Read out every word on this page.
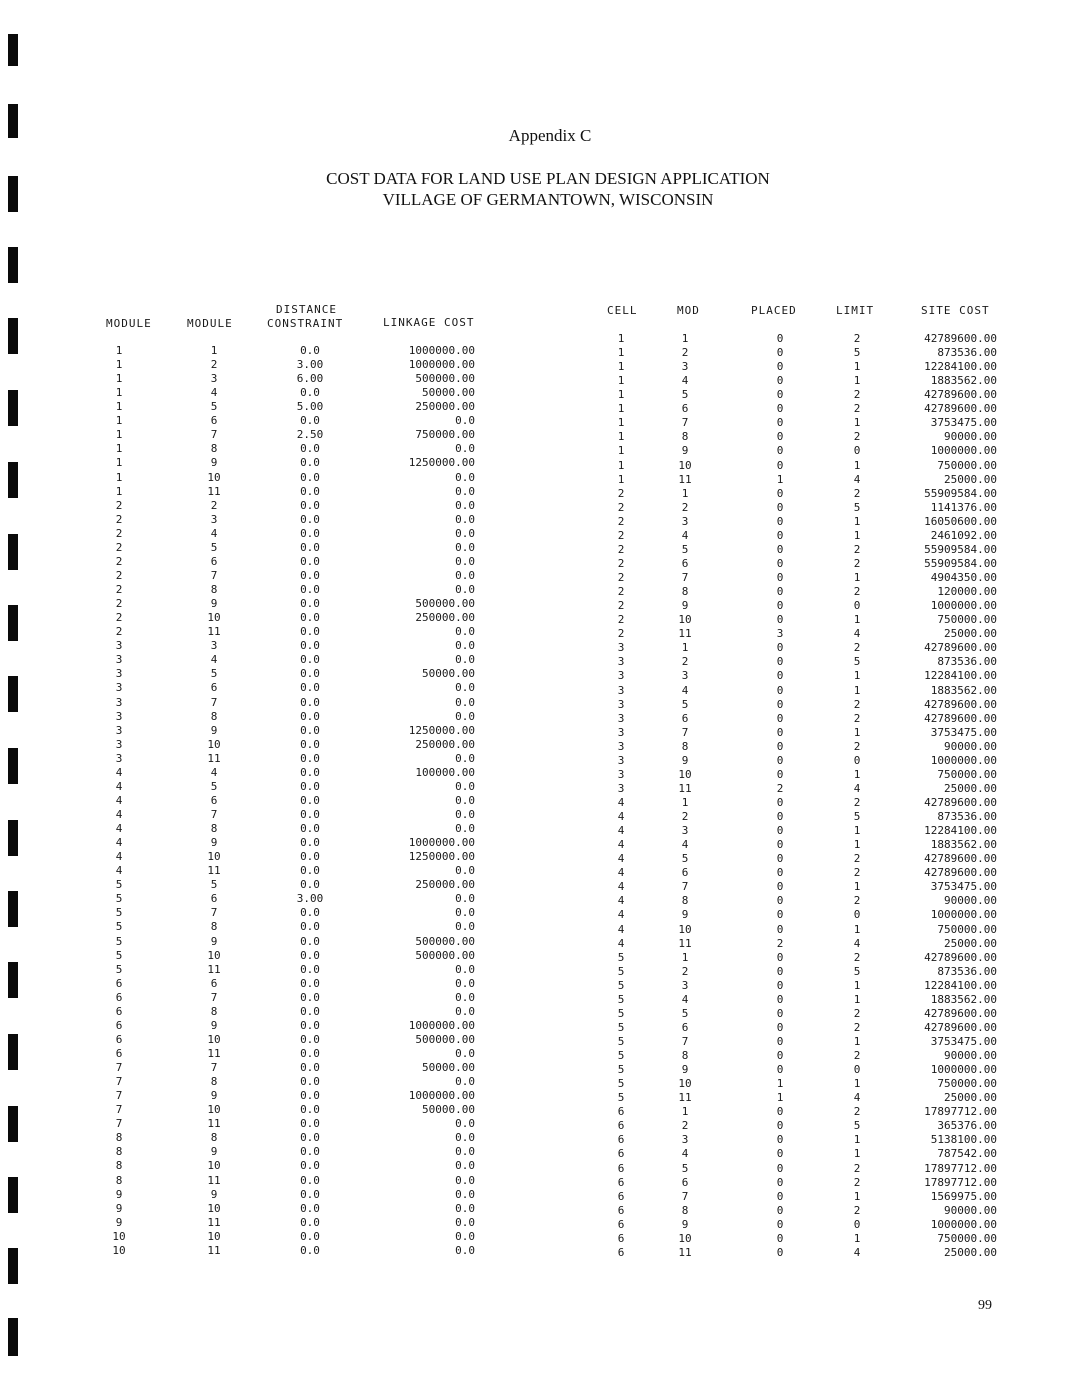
Appendix C
COST DATA FOR LAND USE PLAN DESIGN APPLICATION
VILLAGE OF GERMANTOWN, WISCONSIN
MODULE	MODULE
DISTANCE
CONSTRAINT	LINKAGE COST
CELL	MOD	PLACED	LIMIT	SITE COST
1	1	0.0	1000000.00
1	2	3.00	1000000.00
1	3	6.00	500000.00
1	4	0.0	50000.00
1	5	5.00	250000.00
1	6	0.0	0.0
1	7	2.50	750000.00
1	8	0.0	0.0
1	9	0.0	1250000.00
1	10	0.0	0.0
1	11	0.0	0.0
2	2	0.0	0.0
2	3	0.0	0.0
2	4	0.0	0.0
2	5	0.0	0.0
2	6	0.0	0.0
2	7	0.0	0.0
2	8	0.0	0.0
2	9	0.0	500000.00
2	10	0.0	250000.00
2	11	0.0	0.0
3	3	0.0	0.0
3	4	0.0	0.0
3	5	0.0	50000.00
3	6	0.0	0.0
3	7	0.0	0.0
3	8	0.0	0.0
3	9	0.0	1250000.00
3	10	0.0	250000.00
3	11	0.0	0.0
4	4	0.0	100000.00
4	5	0.0	0.0
4	6	0.0	0.0
4	7	0.0	0.0
4	8	0.0	0.0
4	9	0.0	1000000.00
4	10	0.0	1250000.00
4	11	0.0	0.0
5	5	0.0	250000.00
5	6	3.00	0.0
5	7	0.0	0.0
5	8	0.0	0.0
5	9	0.0	500000.00
5	10	0.0	500000.00
5	11	0.0	0.0
6	6	0.0	0.0
6	7	0.0	0.0
6	8	0.0	0.0
6	9	0.0	1000000.00
6	10	0.0	500000.00
6	11	0.0	0.0
7	7	0.0	50000.00
7	8	0.0	0.0
7	9	0.0	1000000.00
7	10	0.0	50000.00
7	11	0.0	0.0
8	8	0.0	0.0
8	9	0.0	0.0
8	10	0.0	0.0
8	11	0.0	0.0
9	9	0.0	0.0
9	10	0.0	0.0
9	11	0.0	0.0
10	10	0.0	0.0
10	11	0.0	0.0
1	1	0	2	42789600.00
1	2	0	5	873536.00
1	3	0	1	12284100.00
1	4	0	1	1883562.00
1	5	0	2	42789600.00
1	6	0	2	42789600.00
1	7	0	1	3753475.00
1	8	0	2	90000.00
1	9	0	0	1000000.00
1	10	0	1	750000.00
1	11	1	4	25000.00
2	1	0	2	55909584.00
2	2	0	5	1141376.00
2	3	0	1	16050600.00
2	4	0	1	2461092.00
2	5	0	2	55909584.00
2	6	0	2	55909584.00
2	7	0	1	4904350.00
2	8	0	2	120000.00
2	9	0	0	1000000.00
2	10	0	1	750000.00
2	11	3	4	25000.00
3	1	0	2	42789600.00
3	2	0	5	873536.00
3	3	0	1	12284100.00
3	4	0	1	1883562.00
3	5	0	2	42789600.00
3	6	0	2	42789600.00
3	7	0	1	3753475.00
3	8	0	2	90000.00
3	9	0	0	1000000.00
3	10	0	1	750000.00
3	11	2	4	25000.00
4	1	0	2	42789600.00
4	2	0	5	873536.00
4	3	0	1	12284100.00
4	4	0	1	1883562.00
4	5	0	2	42789600.00
4	6	0	2	42789600.00
4	7	0	1	3753475.00
4	8	0	2	90000.00
4	9	0	0	1000000.00
4	10	0	1	750000.00
4	11	2	4	25000.00
5	1	0	2	42789600.00
5	2	0	5	873536.00
5	3	0	1	12284100.00
5	4	0	1	1883562.00
5	5	0	2	42789600.00
5	6	0	2	42789600.00
5	7	0	1	3753475.00
5	8	0	2	90000.00
5	9	0	0	1000000.00
5	10	1	1	750000.00
5	11	1	4	25000.00
6	1	0	2	17897712.00
6	2	0	5	365376.00
6	3	0	1	5138100.00
6	4	0	1	787542.00
6	5	0	2	17897712.00
6	6	0	2	17897712.00
6	7	0	1	1569975.00
6	8	0	2	90000.00
6	9	0	0	1000000.00
6	10	0	1	750000.00
6	11	0	4	25000.00
99
